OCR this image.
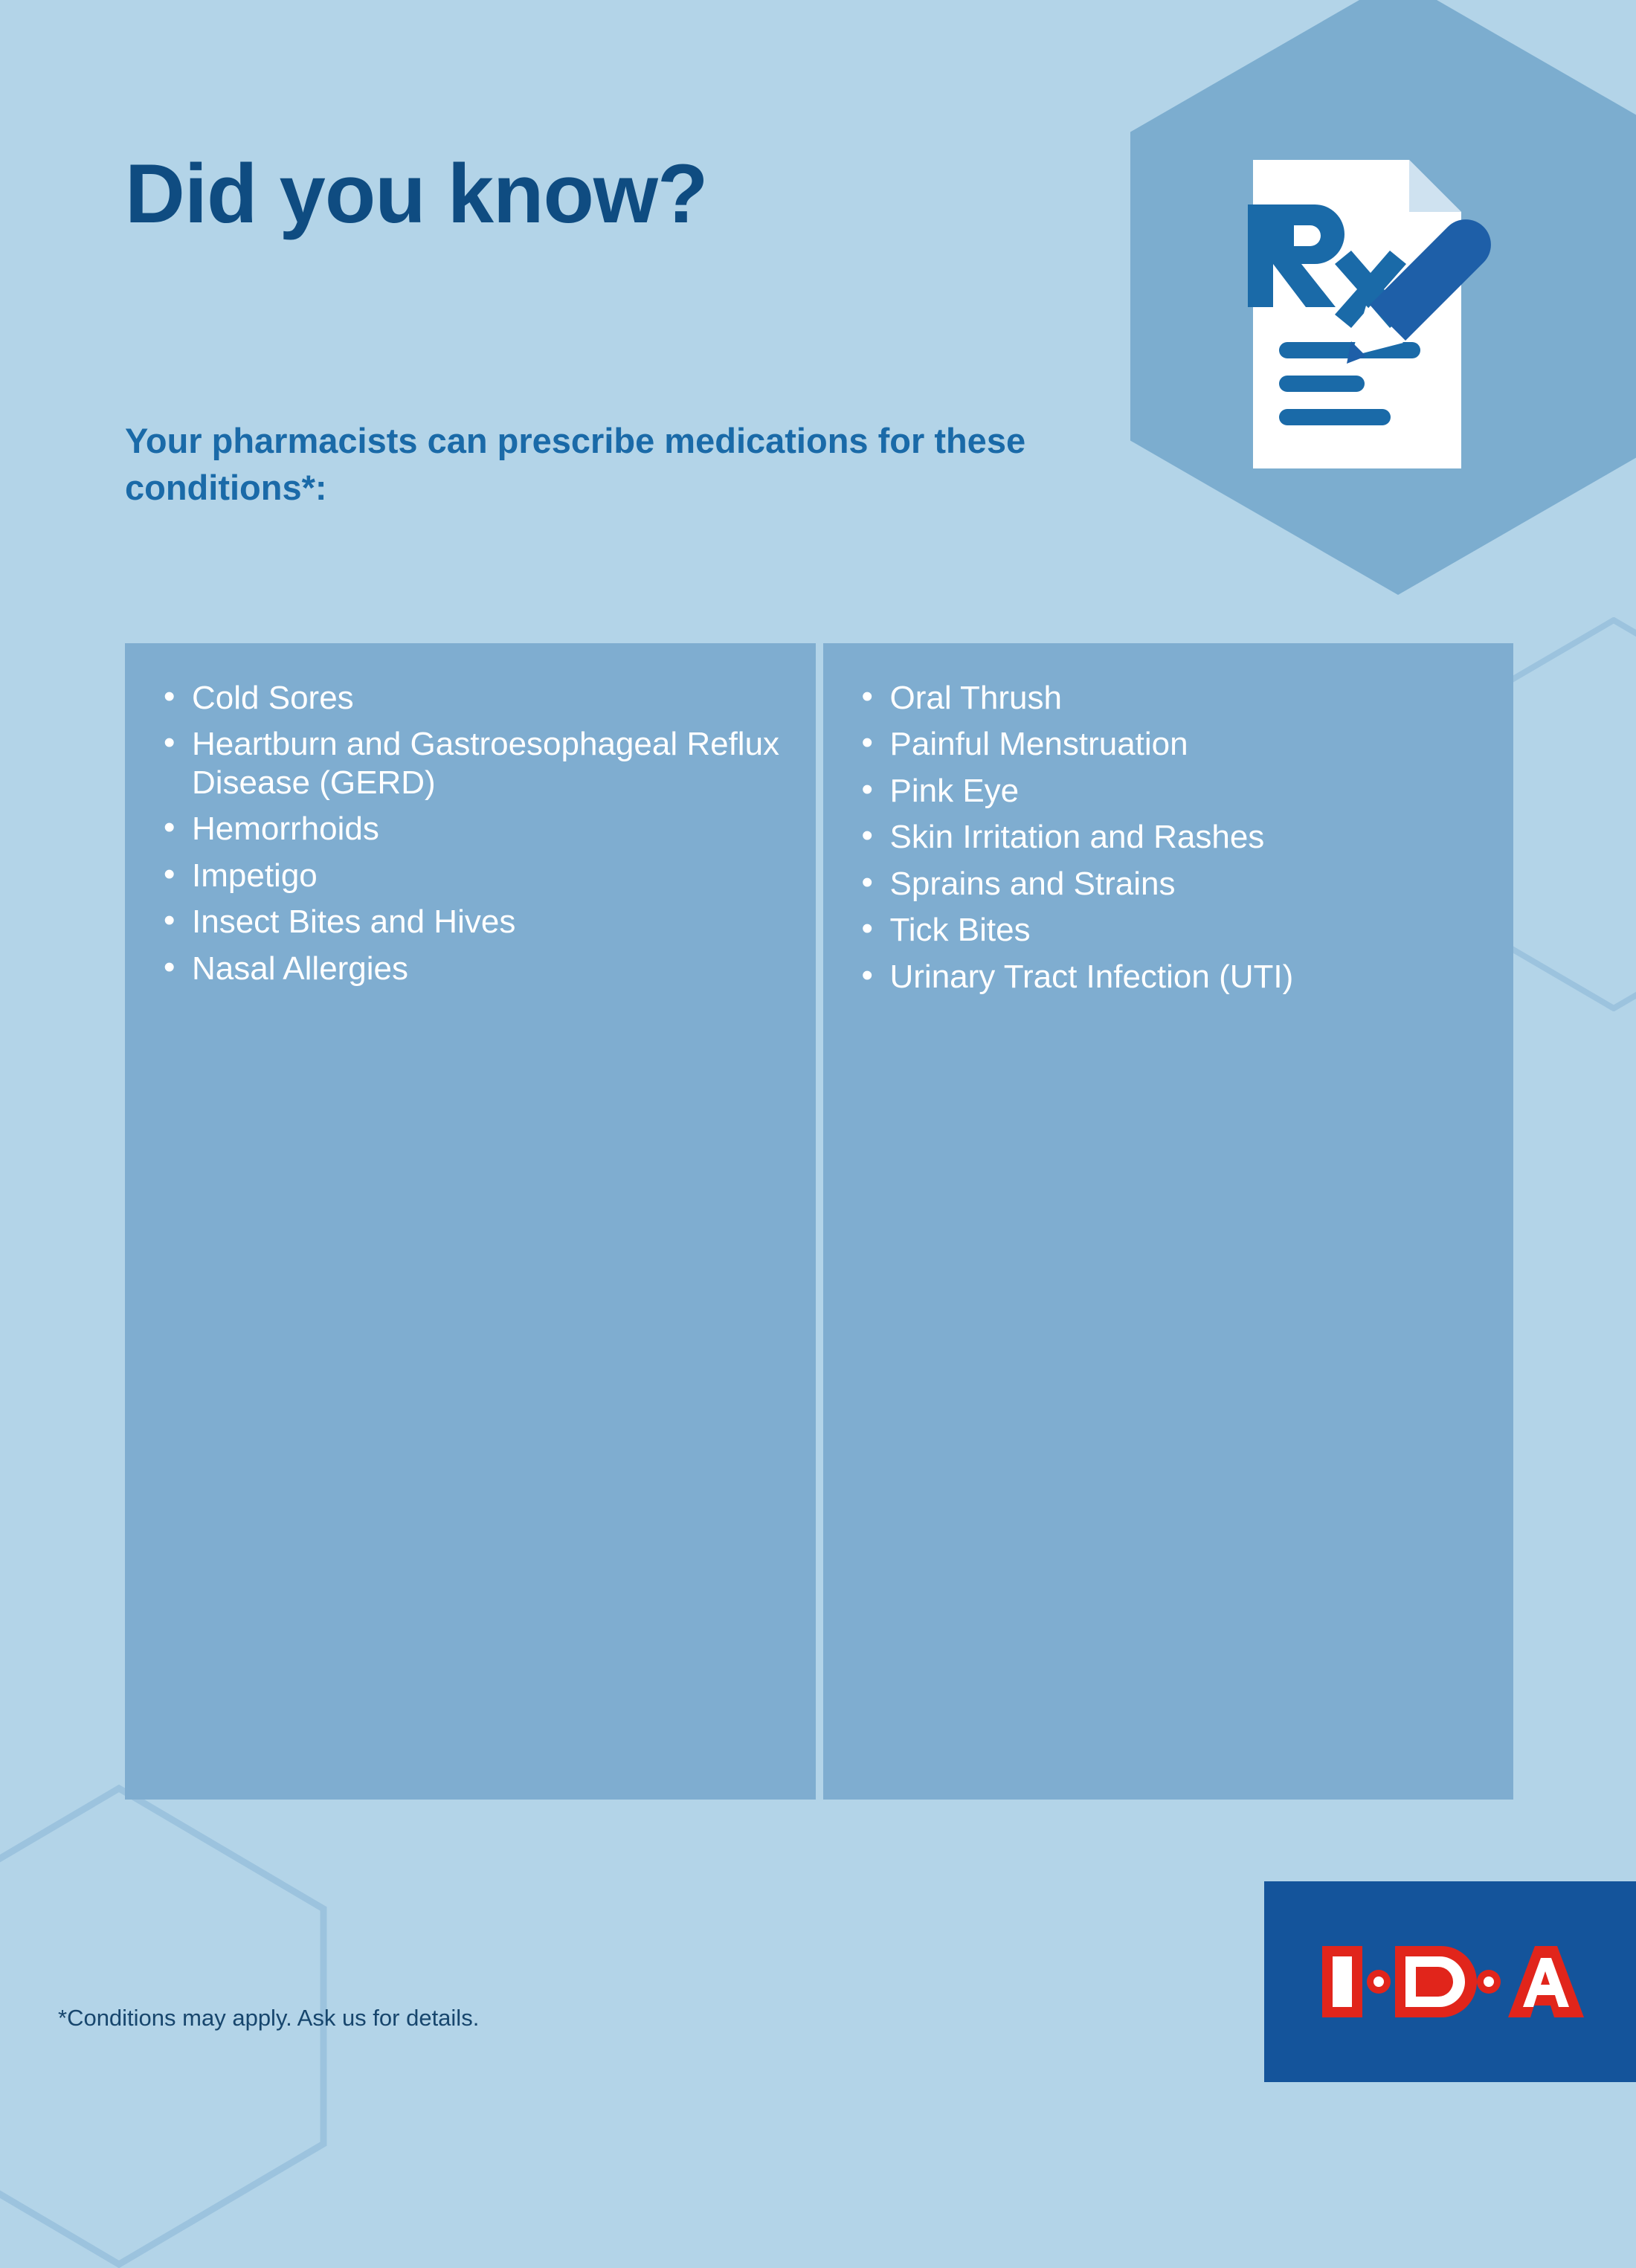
Did you know?
Your pharmacists can prescribe medications for these conditions*:
• Cold Sores
• Heartburn and Gastroesophageal Reflux Disease (GERD)
• Hemorrhoids
• Impetigo
• Insect Bites and Hives
• Nasal Allergies
• Oral Thrush
• Painful Menstruation
• Pink Eye
• Skin Irritation and Rashes
• Sprains and Strains
• Tick Bites
• Urinary Tract Infection (UTI)
*Conditions may apply. Ask us for details.
